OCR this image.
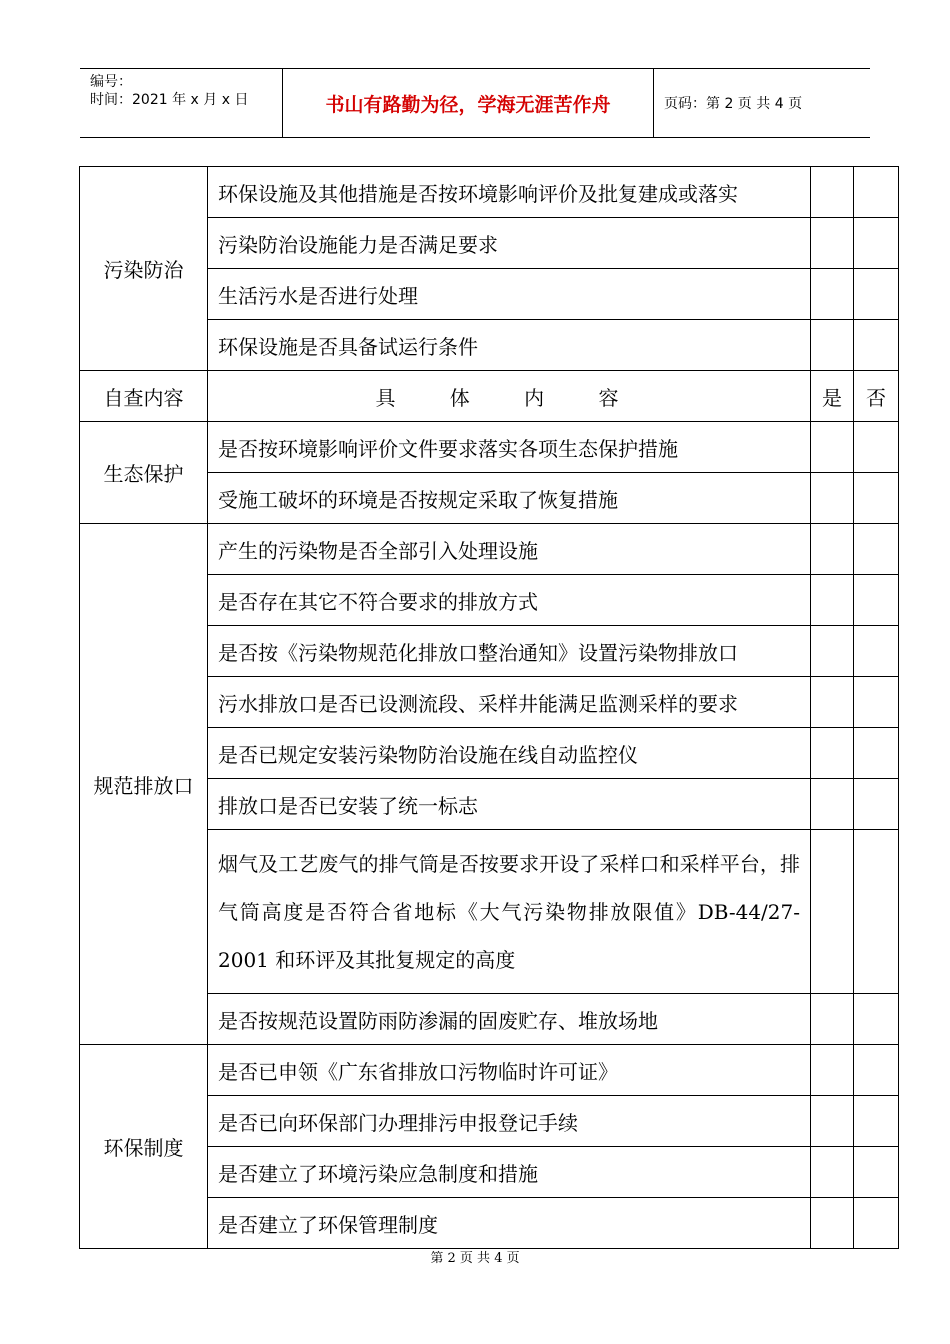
编号：
时间：2021 年 x 月 x 日	书山有路勤为径，学海无涯苦作舟	页码：第 2 页 共 4 页
污染防治	环保设施及其他措施是否按环境影响评价及批复建成或落实		
	污染防治设施能力是否满足要求		
	生活污水是否进行处理		
	环保设施是否具备试运行条件		
自查内容	具 体 内 容	是	否
生态保护	是否按环境影响评价文件要求落实各项生态保护措施		
	受施工破坏的环境是否按规定采取了恢复措施		
规范排放口	产生的污染物是否全部引入处理设施		
	是否存在其它不符合要求的排放方式		
	是否按《污染物规范化排放口整治通知》设置污染物排放口		
	污水排放口是否已设测流段、采样井能满足监测采样的要求		
	是否已规定安装污染物防治设施在线自动监控仪		
	排放口是否已安装了统一标志		
	烟气及工艺废气的排气筒是否按要求开设了采样口和采样平台，排气筒高度是否符合省地标《大气污染物排放限值》DB-44/27-2001 和环评及其批复规定的高度		
	是否按规范设置防雨防渗漏的固废贮存、堆放场地		
环保制度	是否已申领《广东省排放口污物临时许可证》		
	是否已向环保部门办理排污申报登记手续		
	是否建立了环境污染应急制度和措施		
	是否建立了环保管理制度		
第 2 页 共 4 页
